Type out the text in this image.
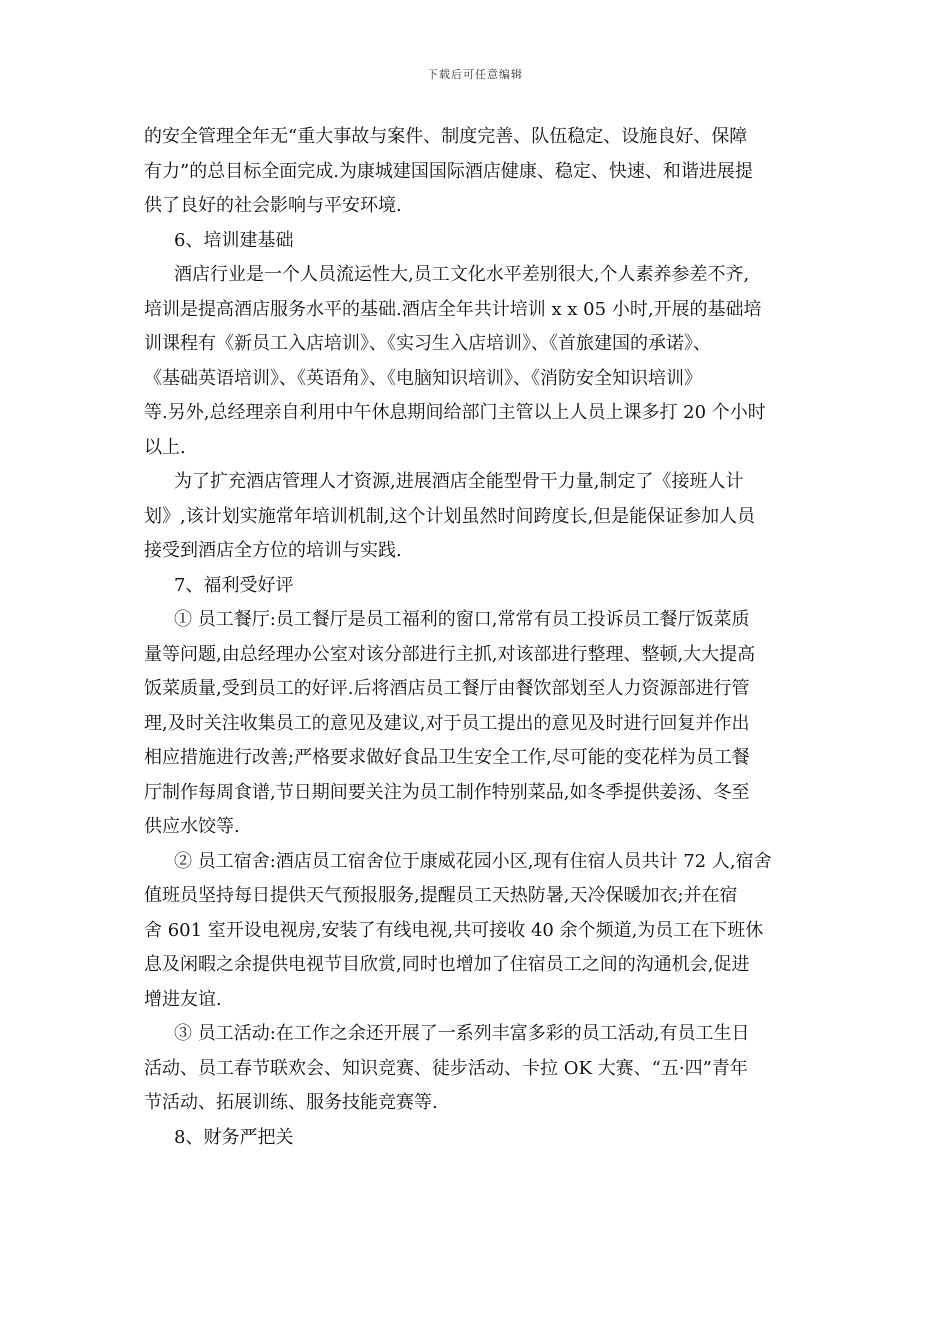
下载后可任意编辑
的安全管理全年无“重大事故与案件、制度完善、队伍稳定、设施良好、保障
有力”的总目标全面完成.为康城建国国际酒店健康、稳定、快速、和谐进展提
供了良好的社会影响与平安环境.
6、培训建基础
酒店行业是一个人员流运性大,员工文化水平差别很大,个人素养参差不齐,
培训是提高酒店服务水平的基础.酒店全年共计培训 x x 05 小时,开展的基础培
训课程有《新员工入店培训》、《实习生入店培训》、《首旅建国的承诺》、
《基础英语培训》、《英语角》、《电脑知识培训》、《消防安全知识培训》
等.另外,总经理亲自利用中午休息期间给部门主管以上人员上课多打 20 个小时
以上.
为了扩充酒店管理人才资源,进展酒店全能型骨干力量,制定了《接班人计
划》,该计划实施常年培训机制,这个计划虽然时间跨度长,但是能保证参加人员
接受到酒店全方位的培训与实践.
7、福利受好评
① 员工餐厅:员工餐厅是员工福利的窗口,常常有员工投诉员工餐厅饭菜质
量等问题,由总经理办公室对该分部进行主抓,对该部进行整理、整顿,大大提高
饭菜质量,受到员工的好评.后将酒店员工餐厅由餐饮部划至人力资源部进行管
理,及时关注收集员工的意见及建议,对于员工提出的意见及时进行回复并作出
相应措施进行改善;严格要求做好食品卫生安全工作,尽可能的变花样为员工餐
厅制作每周食谱,节日期间要关注为员工制作特别菜品,如冬季提供姜汤、冬至
供应水饺等.
② 员工宿舍:酒店员工宿舍位于康威花园小区,现有住宿人员共计 72 人,宿舍
值班员坚持每日提供天气预报服务,提醒员工天热防暑,天冷保暖加衣;并在宿
舍 601 室开设电视房,安装了有线电视,共可接收 40 余个频道,为员工在下班休
息及闲暇之余提供电视节目欣赏,同时也增加了住宿员工之间的沟通机会,促进
增进友谊.
③ 员工活动:在工作之余还开展了一系列丰富多彩的员工活动,有员工生日
活动、员工春节联欢会、知识竞赛、徒步活动、卡拉 OK 大赛、“五·四”青年
节活动、拓展训练、服务技能竞赛等.
8、财务严把关
